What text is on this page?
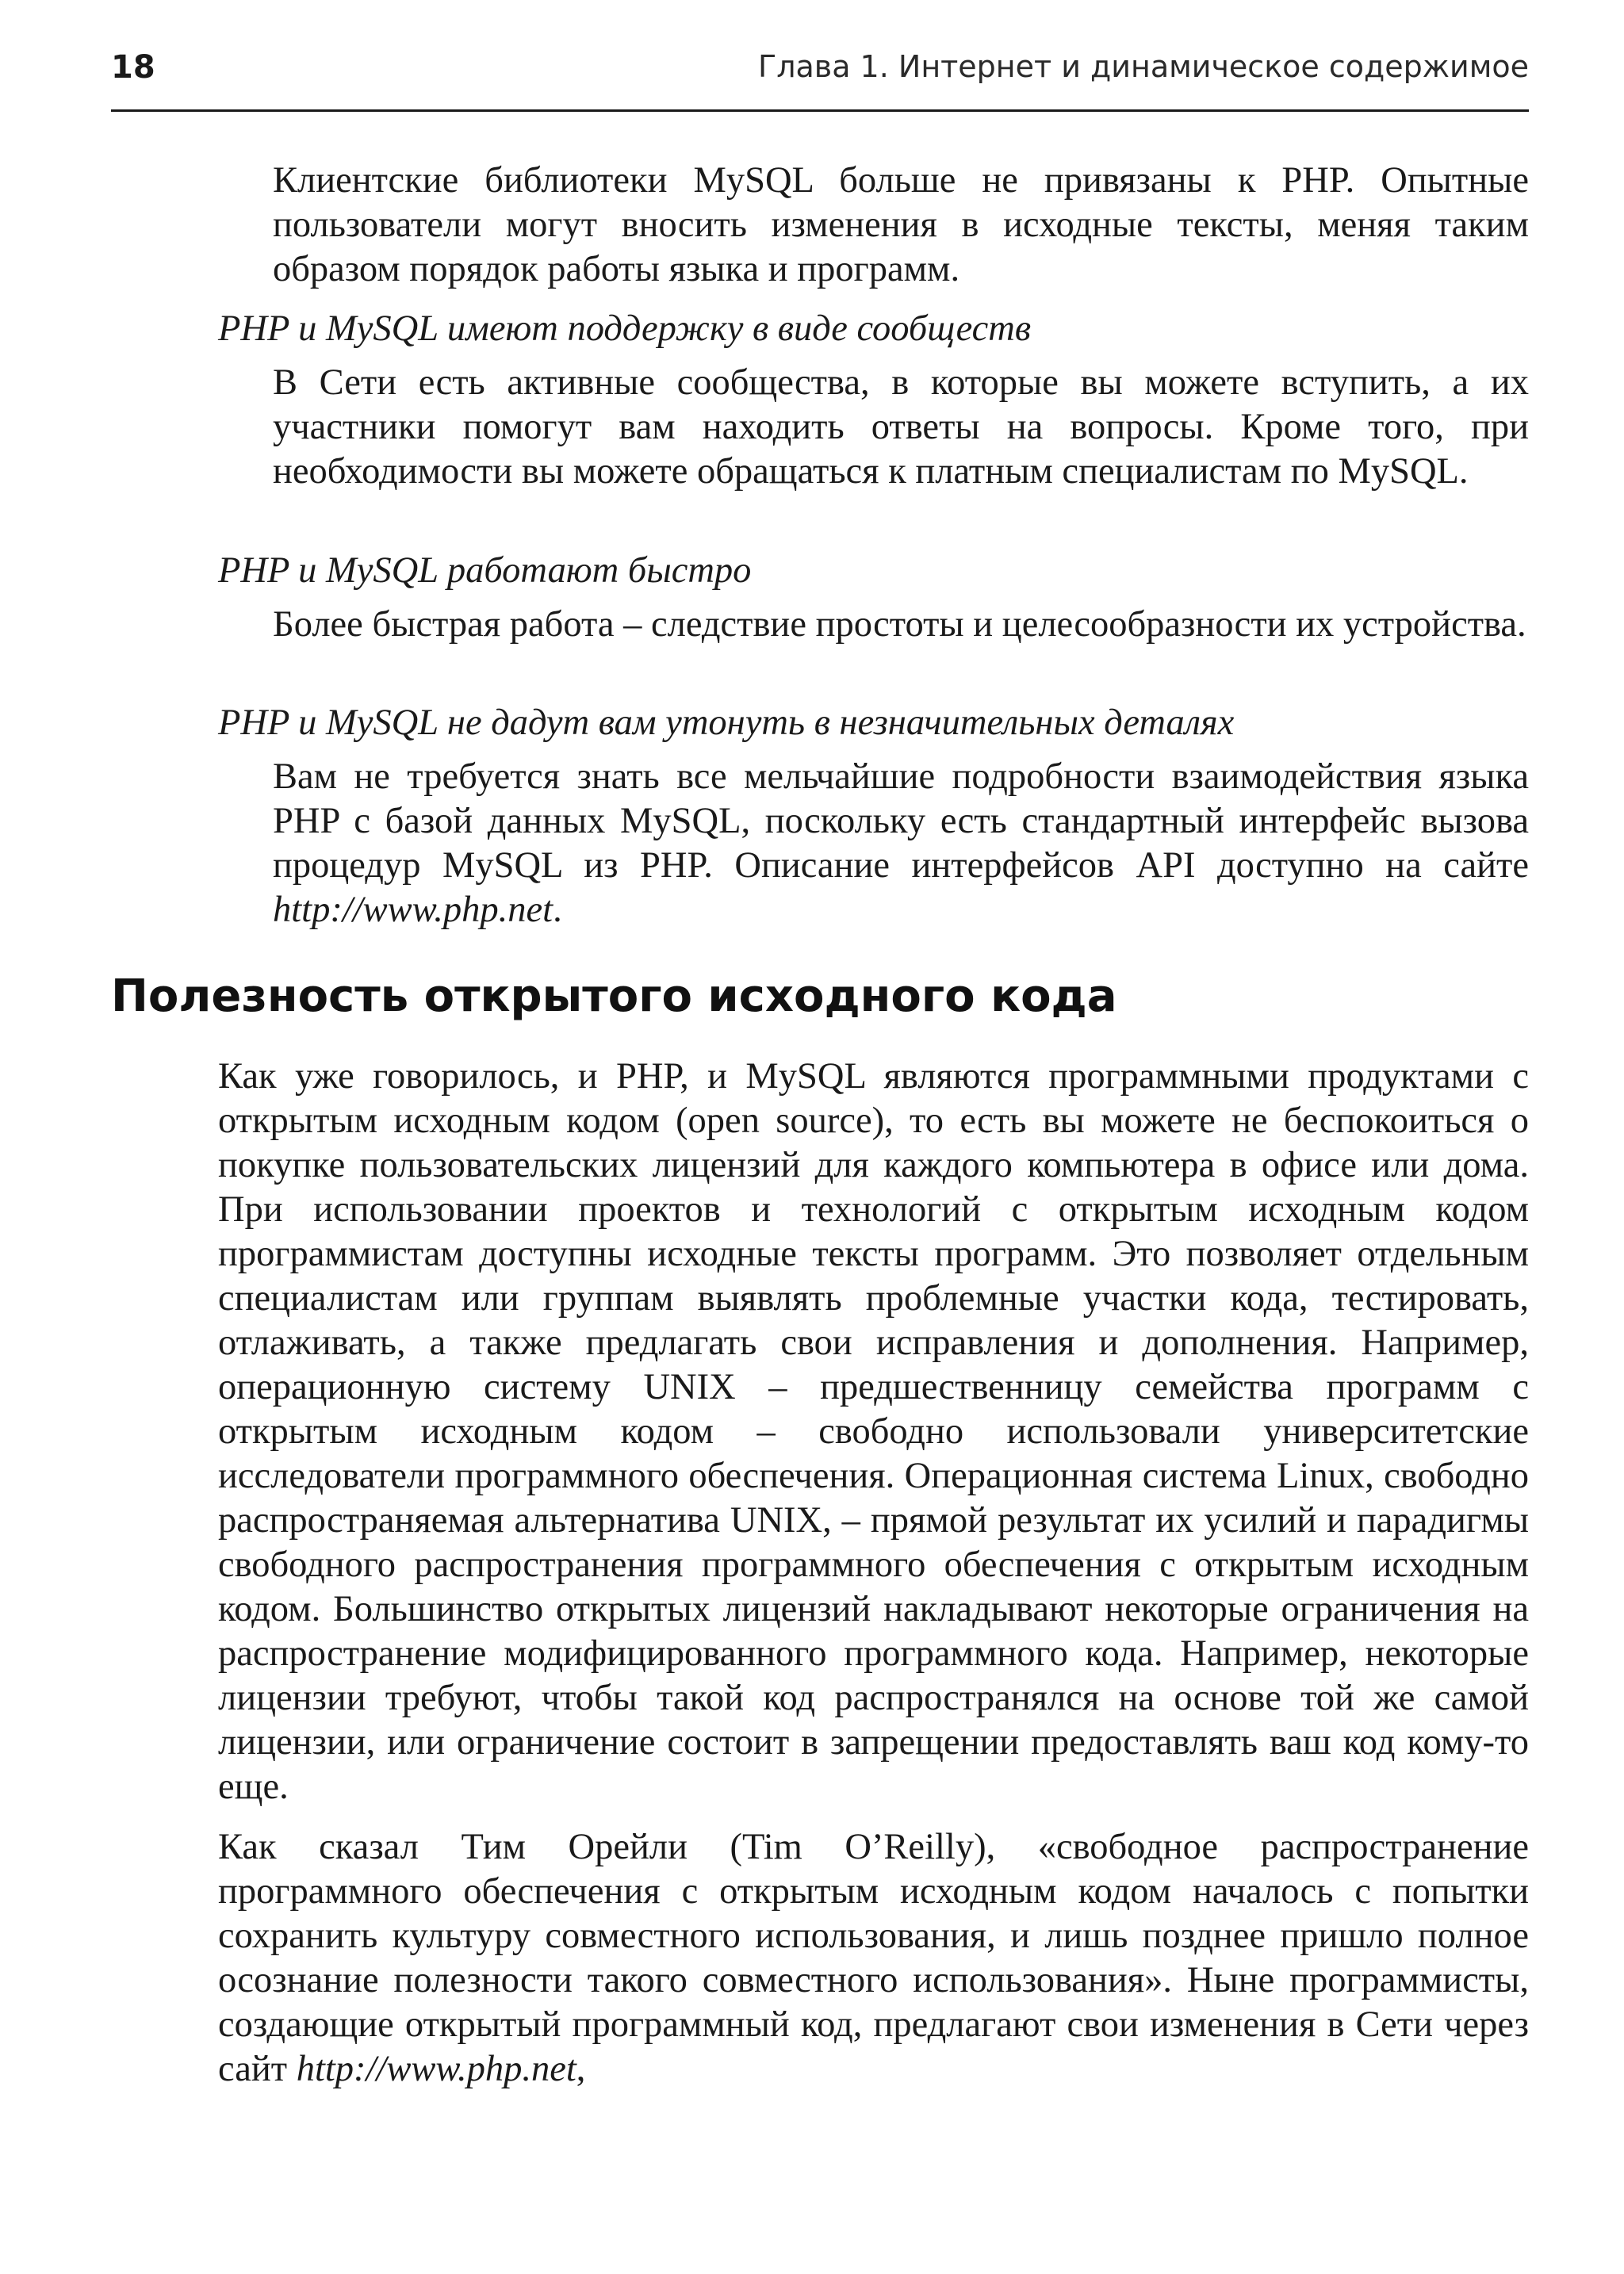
18	Глава 1. Интернет и динамическое содержимое

Клиентские библиотеки MySQL больше не привязаны к PHP. Опытные пользователи могут вносить изменения в исходные тексты, меняя таким образом порядок работы языка и программ.

PHP и MySQL имеют поддержку в виде сообществ

В Сети есть активные сообщества, в которые вы можете вступить, а их участники помогут вам находить ответы на вопросы. Кроме того, при необходимости вы можете обращаться к платным специалистам по MySQL.

PHP и MySQL работают быстро

Более быстрая работа – следствие простоты и целесообразности их устройства.

PHP и MySQL не дадут вам утонуть в незначительных деталях

Вам не требуется знать все мельчайшие подробности взаимодействия языка PHP с базой данных MySQL, поскольку есть стандартный интерфейс вызова процедур MySQL из PHP. Описание интерфейсов API доступно на сайте http://www.php.net.

Полезность открытого исходного кода

Как уже говорилось, и PHP, и MySQL являются программными продуктами с открытым исходным кодом (open source), то есть вы можете не беспокоиться о покупке пользовательских лицензий для каждого компьютера в офисе или дома. При использовании проектов и технологий с открытым исходным кодом программистам доступны исходные тексты программ. Это позволяет отдельным специалистам или группам выявлять проблемные участки кода, тестировать, отлаживать, а также предлагать свои исправления и дополнения. Например, операционную систему UNIX – предшественницу семейства программ с открытым исходным кодом – свободно использовали университетские исследователи программного обеспечения. Операционная система Linux, свободно распространяемая альтернатива UNIX, – прямой результат их усилий и парадигмы свободного распространения программного обеспечения с открытым исходным кодом. Большинство открытых лицензий накладывают некоторые ограничения на распространение модифицированного программного кода. Например, некоторые лицензии требуют, чтобы такой код распространялся на основе той же самой лицензии, или ограничение состоит в запрещении предоставлять ваш код кому-то еще.

Как сказал Тим Орейли (Tim O’Reilly), «свободное распространение программного обеспечения с открытым исходным кодом началось с попытки сохранить культуру совместного использования, и лишь позднее пришло полное осознание полезности такого совместного использования». Ныне программисты, создающие открытый программный код, предлагают свои изменения в Сети через сайт http://www.php.net,
